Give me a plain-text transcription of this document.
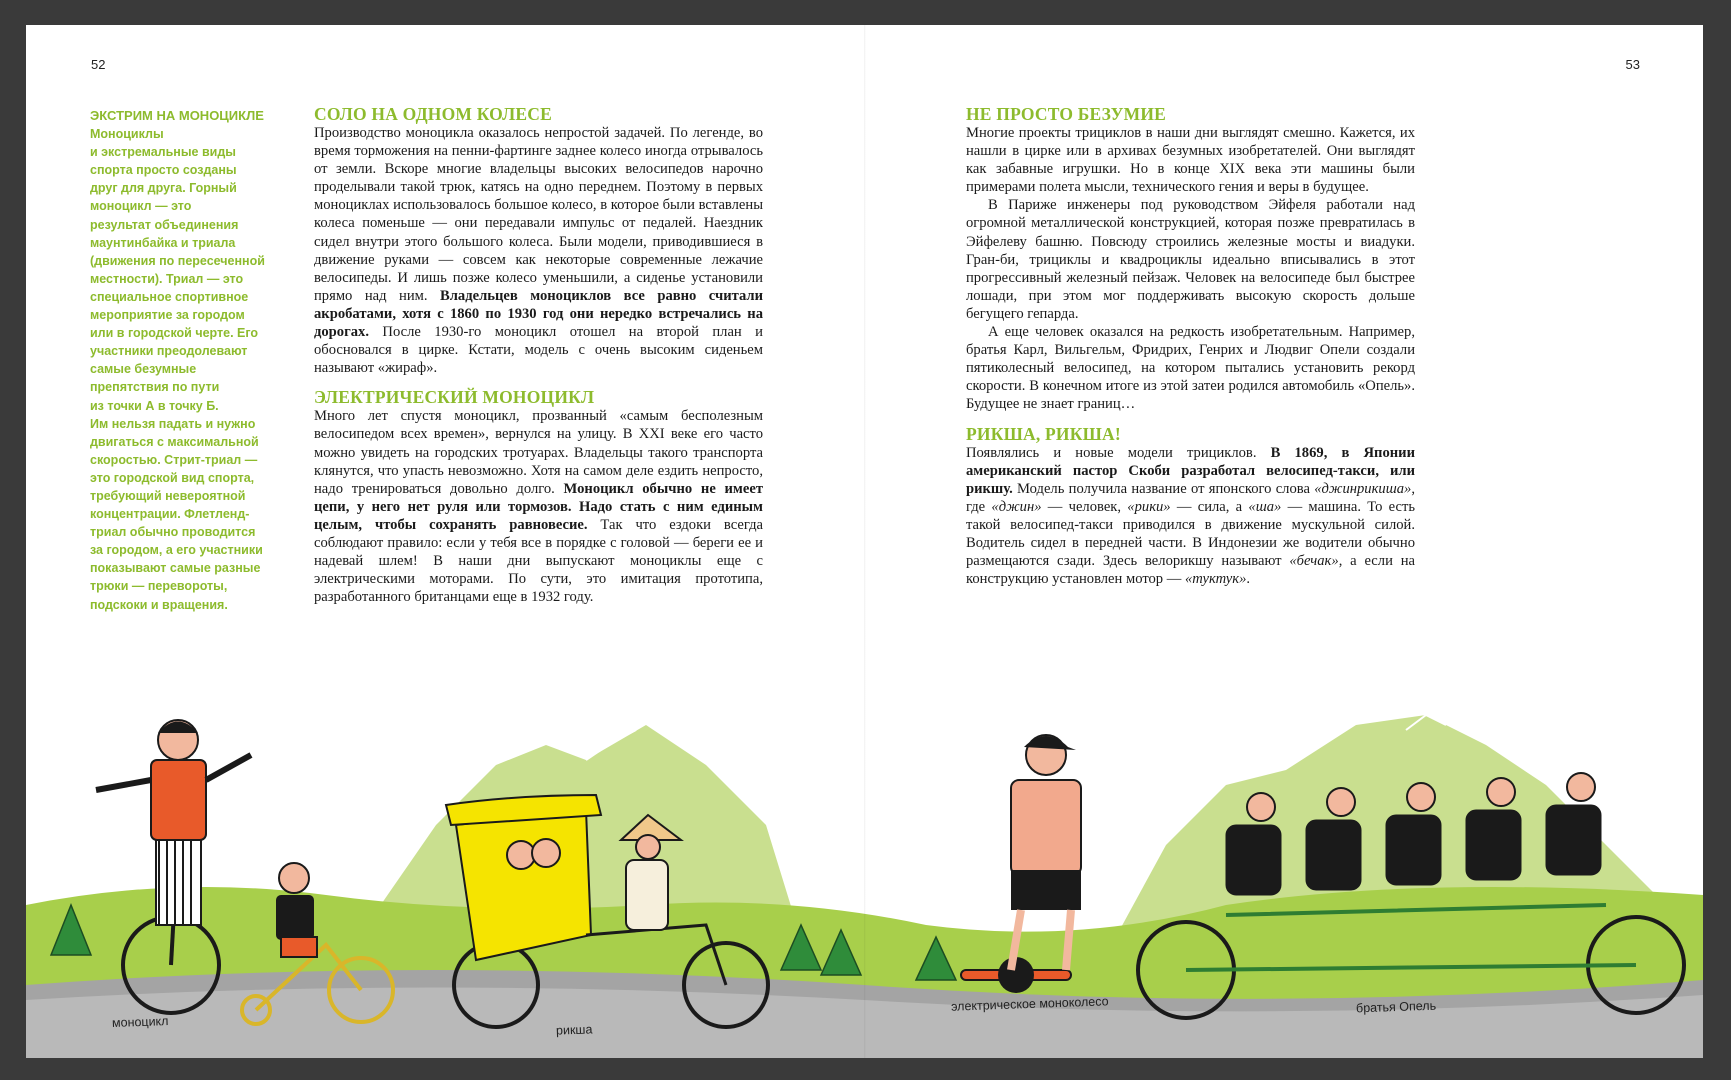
52	53
ЭКСТРИМ НА МОНОЦИКЛЕ
Моноциклы
и экстремальные виды
спорта просто созданы
друг для друга. Горный
моноцикл — это
результат объединения
маунтинбайка и триала
(движения по пересеченной
местности). Триал — это
специальное спортивное
мероприятие за городом
или в городской черте. Его
участники преодолевают
самые безумные
препятствия по пути
из точки А в точку Б.
Им нельзя падать и нужно
двигаться с максимальной
скоростью. Стрит-триал —
это городской вид спорта,
требующий невероятной
концентрации. Флетленд-
триал обычно проводится
за городом, а его участники
показывают самые разные
трюки — перевороты,
подскоки и вращения.
СОЛО НА ОДНОМ КОЛЕСЕ

Производство моноцикла оказалось непростой задачей. По легенде, во время торможения на пенни-фартинге заднее колесо иногда отрывалось от земли. Вскоре многие владельцы высоких велосипедов нарочно проделывали такой трюк, катясь на одно переднем. Поэтому в первых моноциклах использовалось большое колесо, в которое были вставлены колеса поменьше — они передавали импульс от педалей. Наездник сидел внутри этого большого колеса. Были модели, приводившиеся в движение руками — совсем как некоторые современные лежачие велосипеды. И лишь позже колесо уменьшили, а сиденье установили прямо над ним. Владельцев моноциклов все равно считали акробатами, хотя с 1860 по 1930 год они нередко встречались на дорогах. После 1930-го моноцикл отошел на второй план и обосновался в цирке. Кстати, модель с очень высоким сиденьем называют «жираф».

ЭЛЕКТРИЧЕСКИЙ МОНОЦИКЛ

Много лет спустя моноцикл, прозванный «самым бесполезным велосипедом всех времен», вернулся на улицу. В XXI веке его часто можно увидеть на городских тротуарах. Владельцы такого транспорта клянутся, что упасть невозможно. Хотя на самом деле ездить непросто, надо тренироваться довольно долго. Моноцикл обычно не имеет цепи, у него нет руля или тормозов. Надо стать с ним единым целым, чтобы сохранять равновесие. Так что ездоки всегда соблюдают правило: если у тебя все в порядке с головой — береги ее и надевай шлем! В наши дни выпускают моноциклы еще с электрическими моторами. По сути, это имитация прототипа, разработанного британцами еще в 1932 году.

НЕ ПРОСТО БЕЗУМИЕ

Многие проекты трициклов в наши дни выглядят смешно. Кажется, их нашли в цирке или в архивах безумных изобретателей. Они выглядят как забавные игрушки. Но в конце XIX века эти машины были примерами полета мысли, технического гения и веры в будущее.

В Париже инженеры под руководством Эйфеля работали над огромной металлической конструкцией, которая позже превратилась в Эйфелеву башню. Повсюду строились железные мосты и виадуки. Гран-би, трициклы и квадроциклы идеально вписывались в этот прогрессивный железный пейзаж. Человек на велосипеде был быстрее лошади, при этом мог поддерживать высокую скорость дольше бегущего гепарда.

А еще человек оказался на редкость изобретательным. Например, братья Карл, Вильгельм, Фридрих, Генрих и Людвиг Опели создали пятиколесный велосипед, на котором пытались установить рекорд скорости. В конечном итоге из этой затеи родился автомобиль «Опель». Будущее не знает границ…

РИКША, РИКША!

Появлялись и новые модели трициклов. В 1869, в Японии американский пастор Скоби разработал велосипед-такси, или рикшу. Модель получила название от японского слова «джинрикиша», где «джин» — человек, «рики» — сила, а «ша» — машина. То есть такой велосипед-такси приводился в движение мускульной силой. Водитель сидел в передней части. В Индонезии же водители обычно размещаются сзади. Здесь велорикшу называют «бечак», а если на конструкцию установлен мотор — «туктук».

моноцикл
рикша
электрическое моноколесо	братья Опель
